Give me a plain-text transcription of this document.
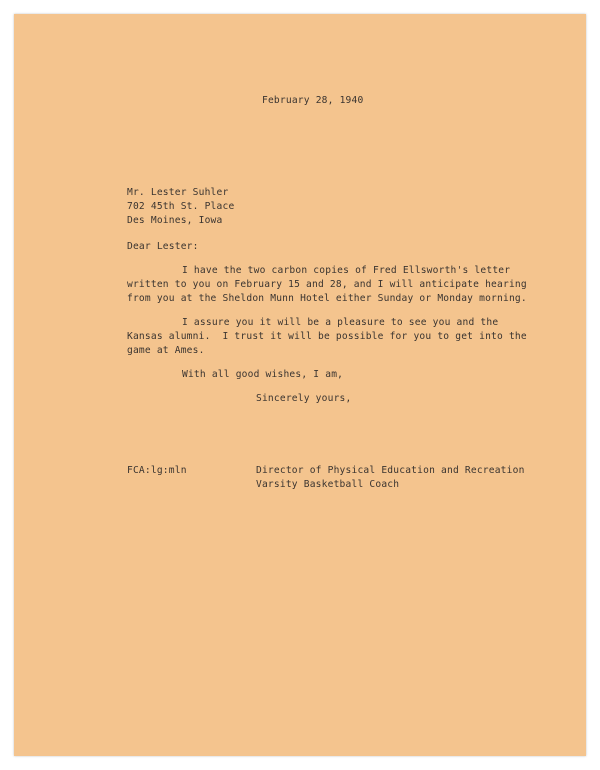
February 28, 1940
Mr. Lester Suhler
702 45th St. Place
Des Moines, Iowa
Dear Lester:
I have the two carbon copies of Fred Ellsworth's letter
written to you on February 15 and 28, and I will anticipate hearing
from you at the Sheldon Munn Hotel either Sunday or Monday morning.
I assure you it will be a pleasure to see you and the
Kansas alumni.  I trust it will be possible for you to get into the
game at Ames.
With all good wishes, I am,
Sincerely yours,
FCA:lg:mln	Director of Physical Education and Recreation
Varsity Basketball Coach
